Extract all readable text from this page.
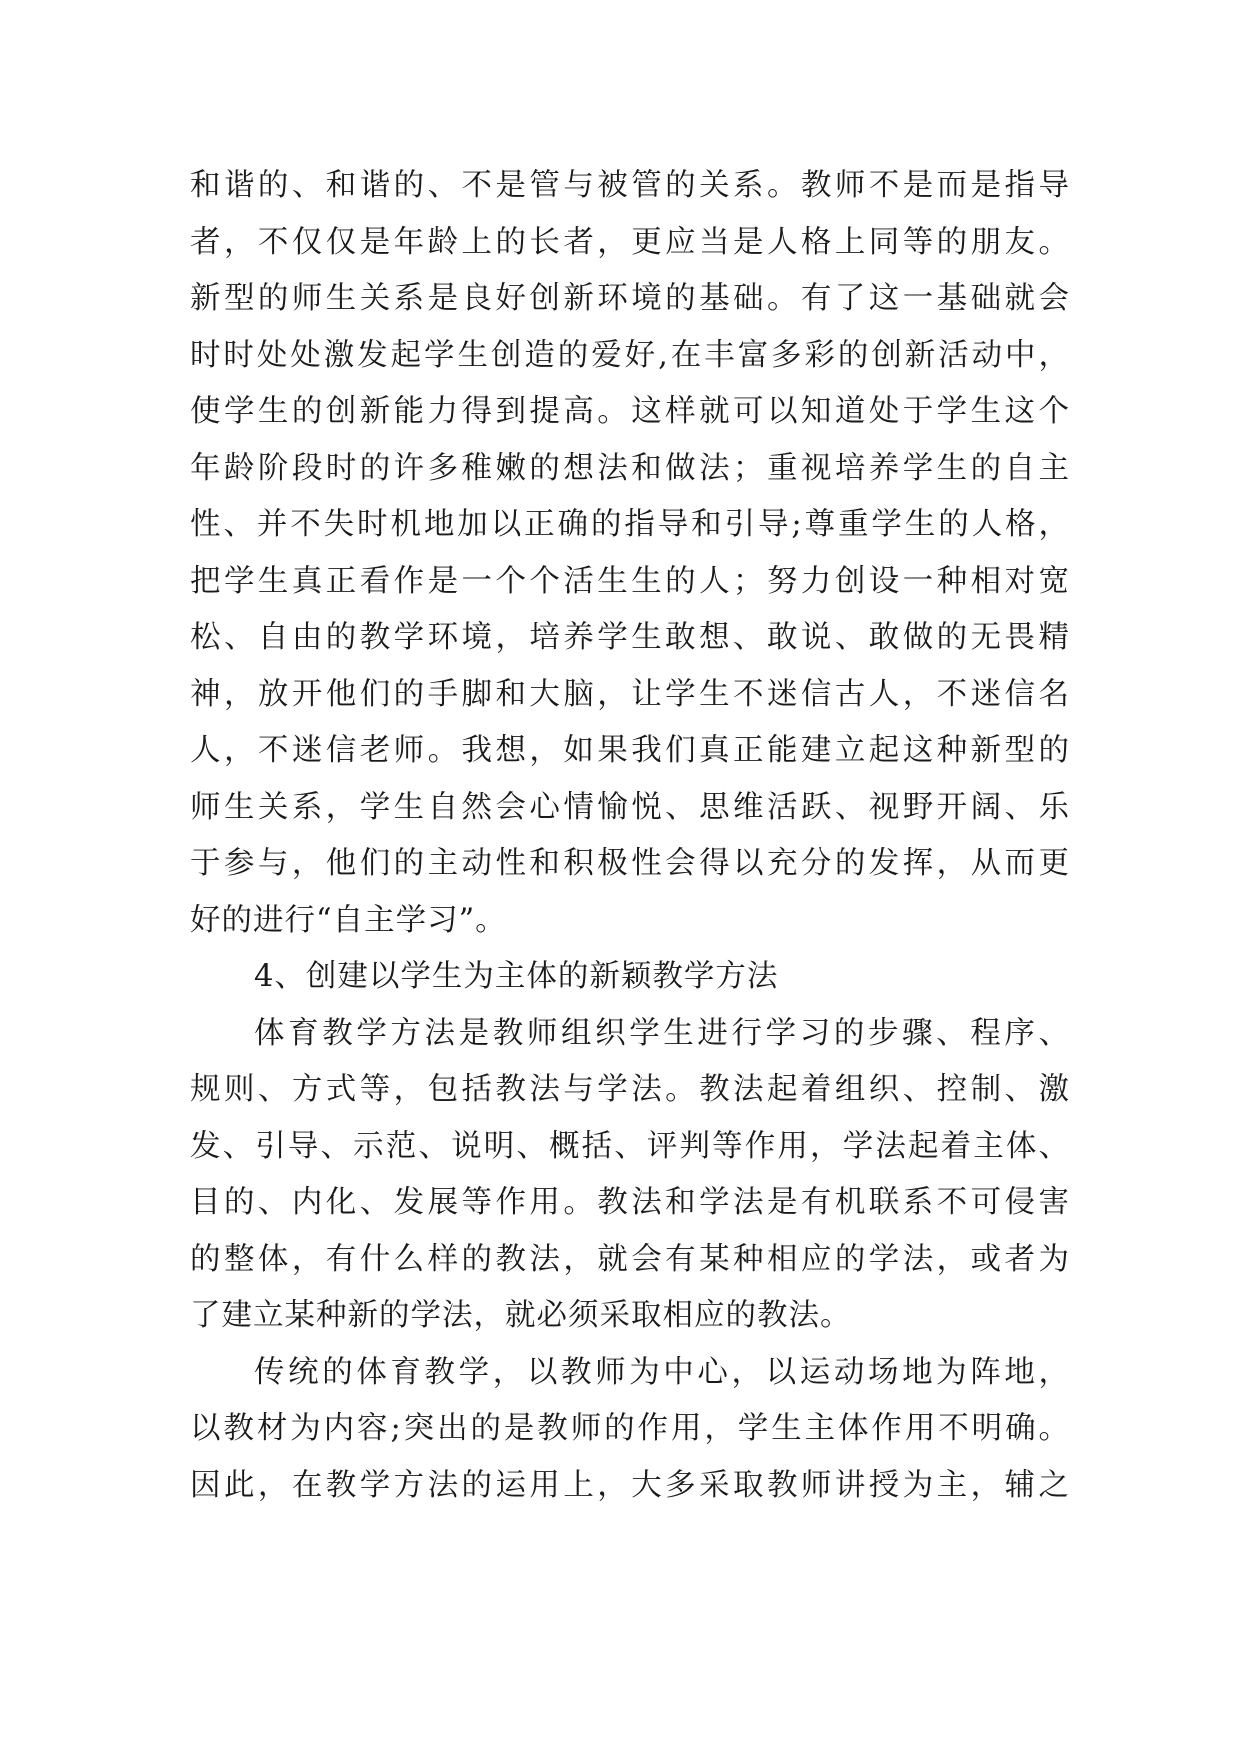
和谐的、和谐的、不是管与被管的关系。教师不是而是指导
者，不仅仅是年龄上的长者，更应当是人格上同等的朋友。
新型的师生关系是良好创新环境的基础。有了这一基础就会
时时处处激发起学生创造的爱好,在丰富多彩的创新活动中，
使学生的创新能力得到提高。这样就可以知道处于学生这个
年龄阶段时的许多稚嫩的想法和做法；重视培养学生的自主
性、并不失时机地加以正确的指导和引导;尊重学生的人格，
把学生真正看作是一个个活生生的人；努力创设一种相对宽
松、自由的教学环境，培养学生敢想、敢说、敢做的无畏精
神，放开他们的手脚和大脑，让学生不迷信古人，不迷信名
人，不迷信老师。我想，如果我们真正能建立起这种新型的
师生关系，学生自然会心情愉悦、思维活跃、视野开阔、乐
于参与，他们的主动性和积极性会得以充分的发挥，从而更
好的进行“自主学习”。
4、创建以学生为主体的新颖教学方法
体育教学方法是教师组织学生进行学习的步骤、程序、
规则、方式等，包括教法与学法。教法起着组织、控制、激
发、引导、示范、说明、概括、评判等作用，学法起着主体、
目的、内化、发展等作用。教法和学法是有机联系不可侵害
的整体，有什么样的教法，就会有某种相应的学法，或者为
了建立某种新的学法，就必须采取相应的教法。
传统的体育教学，以教师为中心，以运动场地为阵地，
以教材为内容;突出的是教师的作用，学生主体作用不明确。
因此，在教学方法的运用上，大多采取教师讲授为主，辅之
